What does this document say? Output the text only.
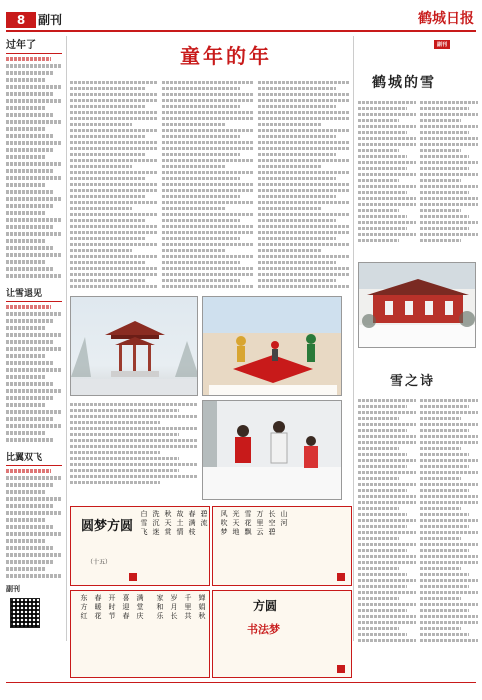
8	副刊	鹤城日报
过年了
让雪退见
比翼双飞
副刊
童年的年
圆梦方圆
（十五）
白
雪
飞
洗
沉
迷
秋
天
赏
故
土
情
春
满
枝
碧
流
风
吹
梦
光
天
地
雪
花
飘
万
里
云
长
空
碧
山
河
东
方
红
春
暖
花
开
时
节
喜
迎
春
满
堂
庆
家
和
乐
岁
月
长
千
里
共
婵
娟
秋
方圆
书法梦
副刊
鹤城的雪
雪之诗
